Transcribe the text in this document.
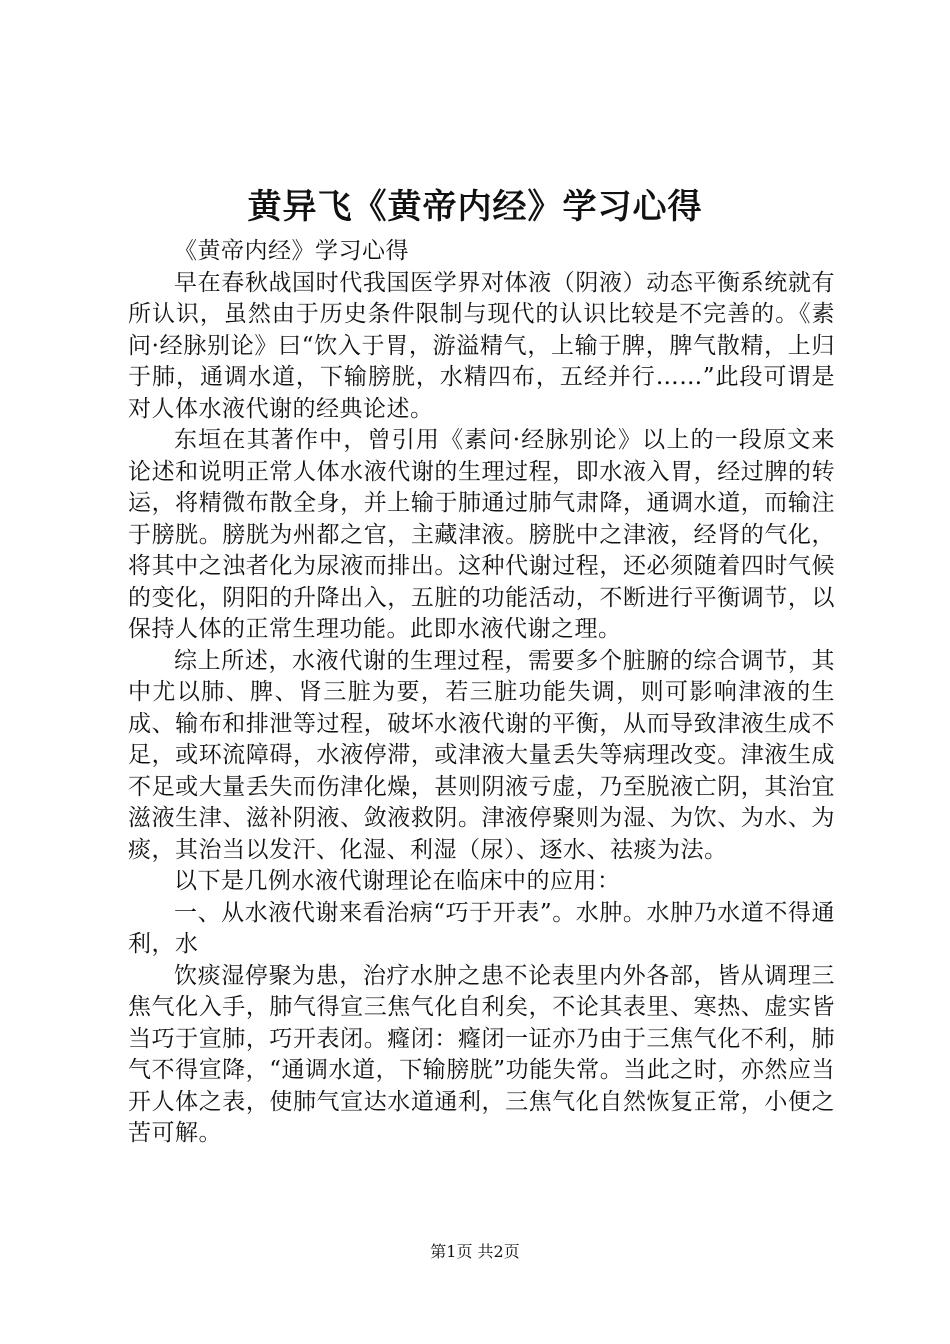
黄异飞《黄帝内经》学习心得

《黄帝内经》学习心得

早在春秋战国时代我国医学界对体液（阴液）动态平衡系统就有所认识，虽然由于历史条件限制与现代的认识比较是不完善的。《素问·经脉别论》曰“饮入于胃，游溢精气，上输于脾，脾气散精，上归于肺，通调水道，下输膀胱，水精四布，五经并行……”此段可谓是对人体水液代谢的经典论述。

东垣在其著作中，曾引用《素问·经脉别论》以上的一段原文来论述和说明正常人体水液代谢的生理过程，即水液入胃，经过脾的转运，将精微布散全身，并上输于肺通过肺气肃降，通调水道，而输注于膀胱。膀胱为州都之官，主藏津液。膀胱中之津液，经肾的气化，将其中之浊者化为尿液而排出。这种代谢过程，还必须随着四时气候的变化，阴阳的升降出入，五脏的功能活动，不断进行平衡调节，以保持人体的正常生理功能。此即水液代谢之理。

综上所述，水液代谢的生理过程，需要多个脏腑的综合调节，其中尤以肺、脾、肾三脏为要，若三脏功能失调，则可影响津液的生成、输布和排泄等过程，破坏水液代谢的平衡，从而导致津液生成不足，或环流障碍，水液停滞，或津液大量丢失等病理改变。津液生成不足或大量丢失而伤津化燥，甚则阴液亏虚，乃至脱液亡阴，其治宜滋液生津、滋补阴液、敛液救阴。津液停聚则为湿、为饮、为水、为痰，其治当以发汗、化湿、利湿（尿）、逐水、祛痰为法。

以下是几例水液代谢理论在临床中的应用：

一、从水液代谢来看治病“巧于开表”。水肿。水肿乃水道不得通利，水

饮痰湿停聚为患，治疗水肿之患不论表里内外各部，皆从调理三焦气化入手，肺气得宣三焦气化自利矣，不论其表里、寒热、虚实皆当巧于宣肺，巧开表闭。癃闭：癃闭一证亦乃由于三焦气化不利，肺气不得宣降，“通调水道，下输膀胱”功能失常。当此之时，亦然应当开人体之表，使肺气宣达水道通利，三焦气化自然恢复正常，小便之苦可解。

第1页 共2页
